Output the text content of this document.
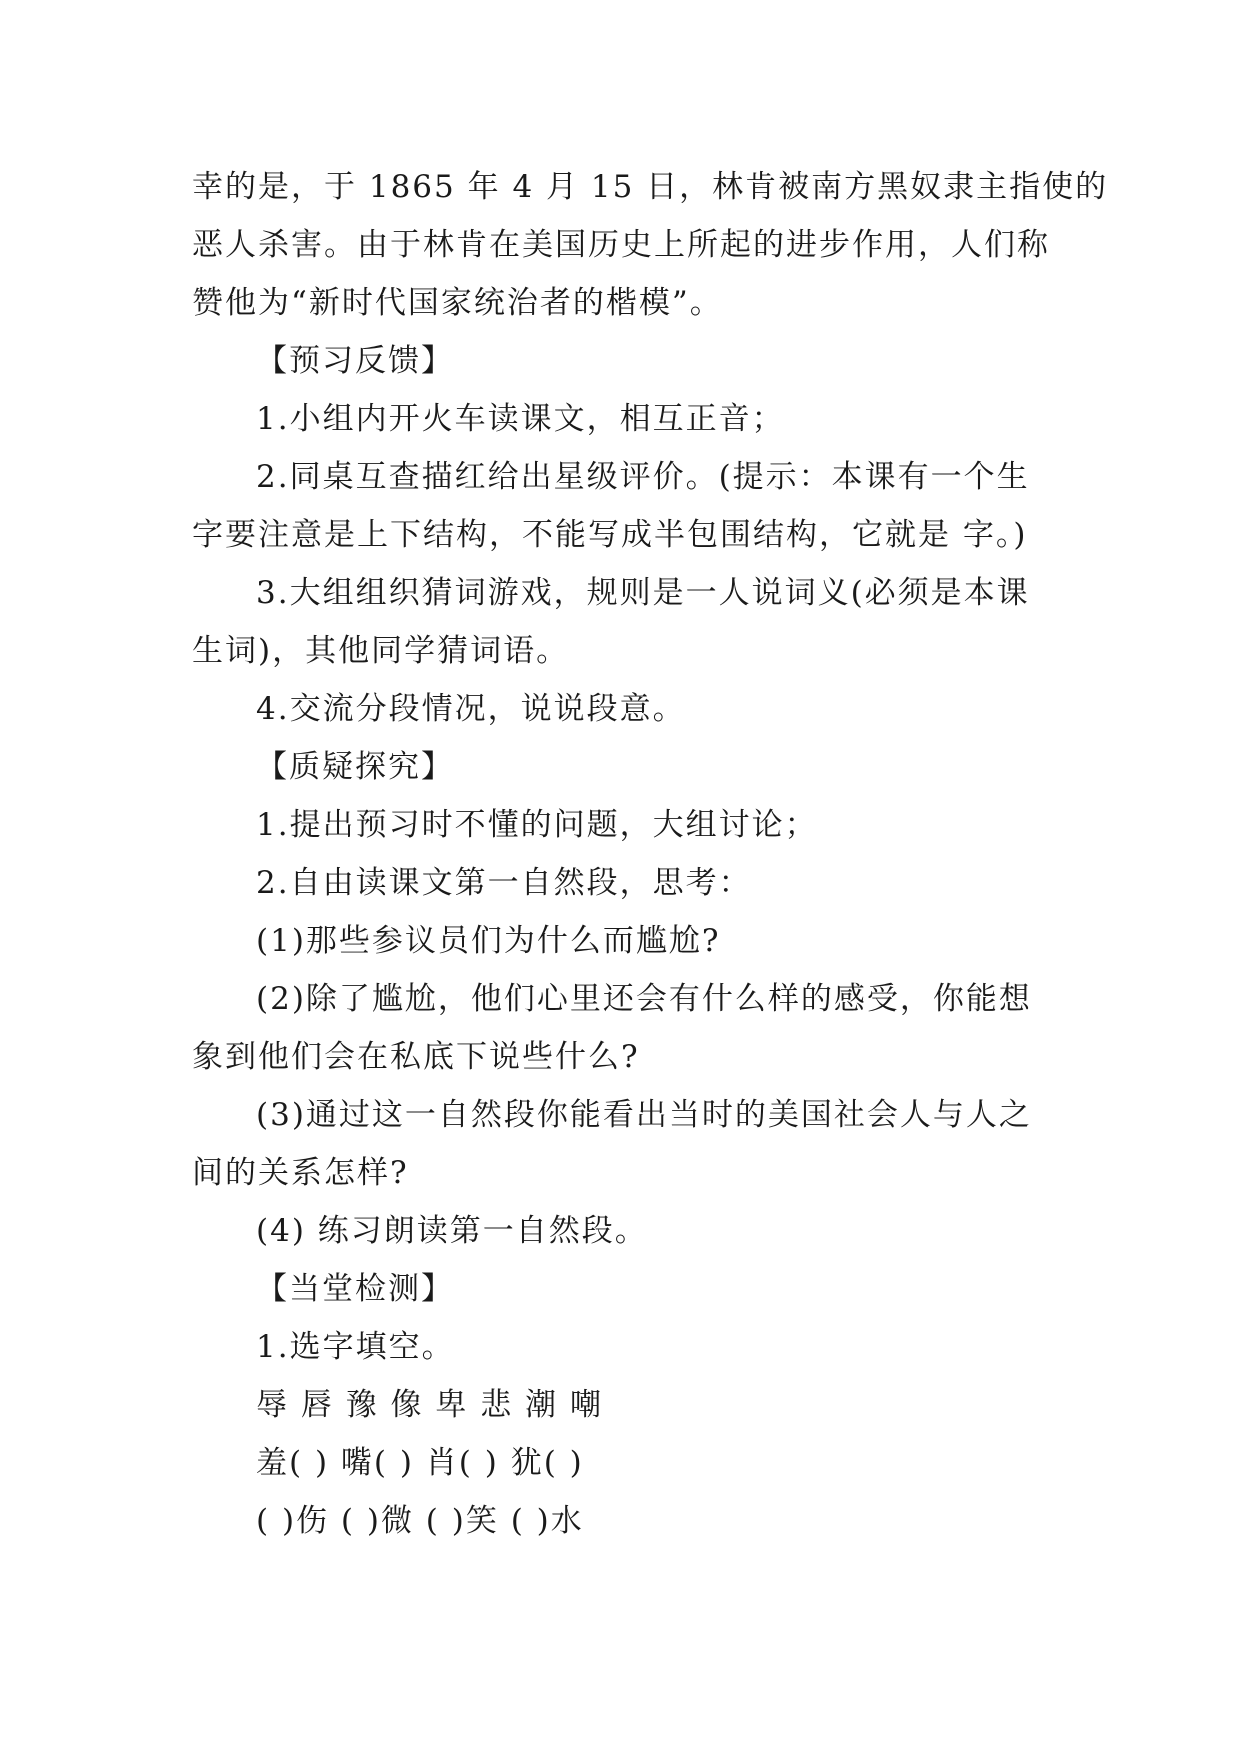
幸的是，于 1865 年 4 月 15 日，林肯被南方黑奴隶主指使的
恶人杀害。由于林肯在美国历史上所起的进步作用，人们称
赞他为“新时代国家统治者的楷模”。
【预习反馈】
1.小组内开火车读课文，相互正音；
2.同桌互查描红给出星级评价。(提示：本课有一个生
字要注意是上下结构，不能写成半包围结构，它就是 字。)
3.大组组织猜词游戏，规则是一人说词义(必须是本课
生词)，其他同学猜词语。
4.交流分段情况，说说段意。
【质疑探究】
1.提出预习时不懂的问题，大组讨论；
2.自由读课文第一自然段，思考：
(1)那些参议员们为什么而尴尬?
(2)除了尴尬，他们心里还会有什么样的感受，你能想
象到他们会在私底下说些什么?
(3)通过这一自然段你能看出当时的美国社会人与人之
间的关系怎样?
(4) 练习朗读第一自然段。
【当堂检测】
1.选字填空。
辱 唇 豫 像 卑 悲 潮 嘲
羞( ) 嘴( ) 肖( ) 犹( )
( )伤 ( )微 ( )笑 ( )水
